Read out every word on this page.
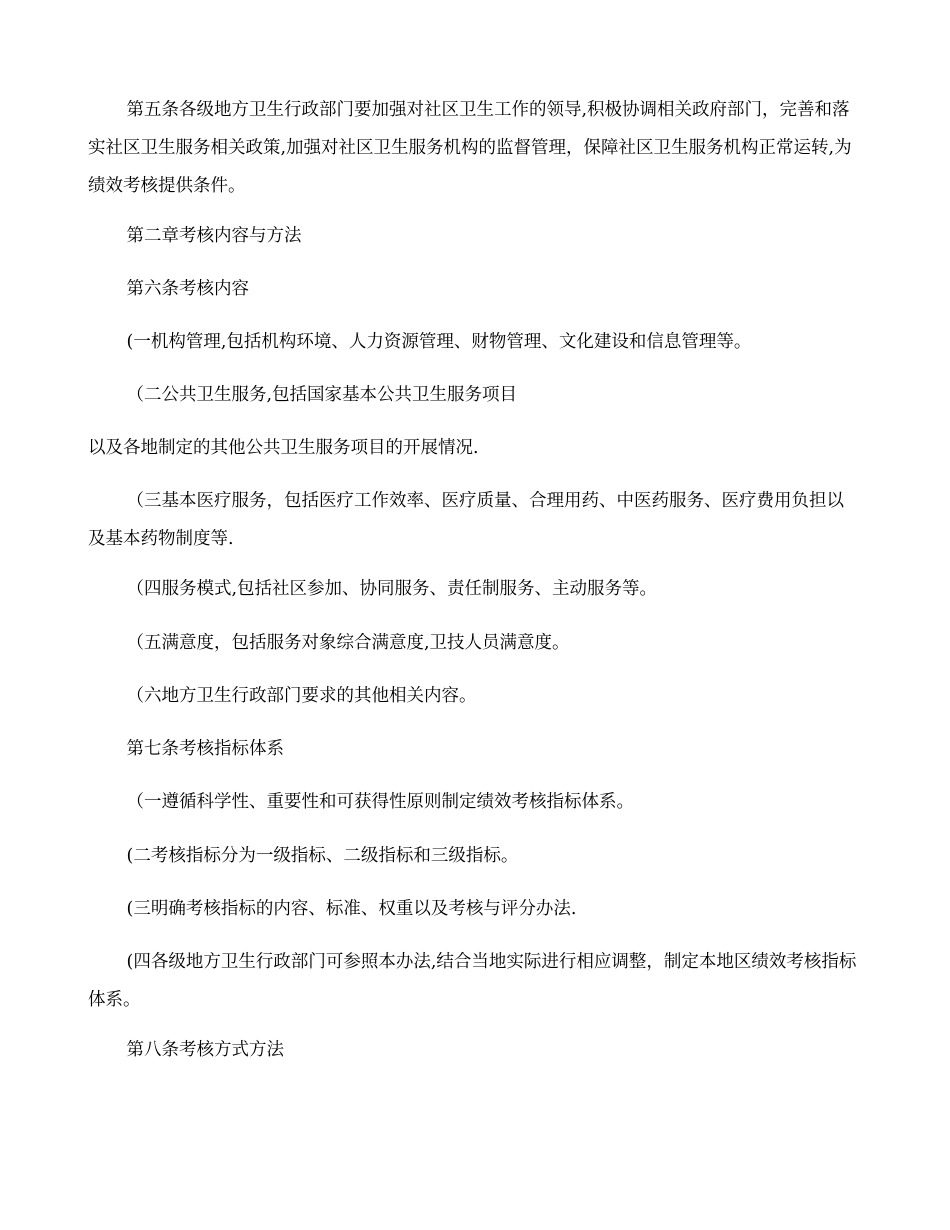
第五条各级地方卫生行政部门要加强对社区卫生工作的领导,积极协调相关政府部门，完善和落实社区卫生服务相关政策,加强对社区卫生服务机构的监督管理，保障社区卫生服务机构正常运转,为绩效考核提供条件。

第二章考核内容与方法

第六条考核内容

(一机构管理,包括机构环境、人力资源管理、财物管理、文化建设和信息管理等。

（二公共卫生服务,包括国家基本公共卫生服务项目

以及各地制定的其他公共卫生服务项目的开展情况.

（三基本医疗服务，包括医疗工作效率、医疗质量、合理用药、中医药服务、医疗费用负担以及基本药物制度等.

（四服务模式,包括社区参加、协同服务、责任制服务、主动服务等。

（五满意度，包括服务对象综合满意度,卫技人员满意度。

（六地方卫生行政部门要求的其他相关内容。

第七条考核指标体系

（一遵循科学性、重要性和可获得性原则制定绩效考核指标体系。

(二考核指标分为一级指标、二级指标和三级指标。

(三明确考核指标的内容、标准、权重以及考核与评分办法.

(四各级地方卫生行政部门可参照本办法,结合当地实际进行相应调整，制定本地区绩效考核指标体系。

第八条考核方式方法
